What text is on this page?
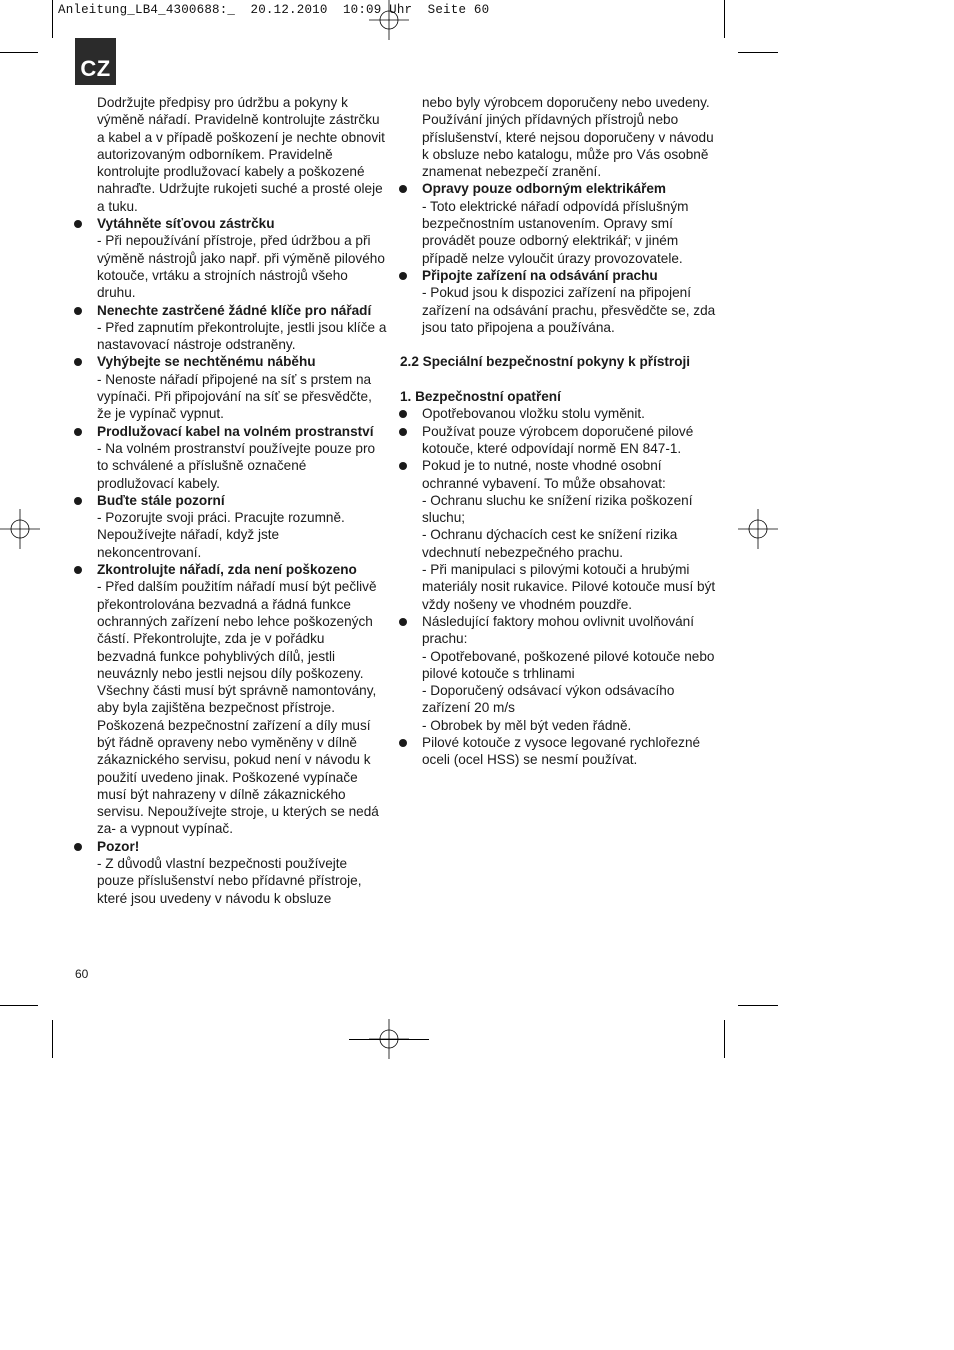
Anleitung_LB4_4300688:_  20.12.2010  10:09 Uhr  Seite 60
CZ

Dodržujte předpisy pro údržbu a pokyny k výměně nářadí. Pravidelně kontrolujte zástrčku a kabel a v případě poškození je nechte obnovit autorizovaným odborníkem. Pravidelně kontrolujte prodlužovací kabely a poškozené nahraďte. Udržujte rukojeti suché a prosté oleje a tuku.

Vytáhněte síťovou zástrčku

- Při nepoužívání přístroje, před údržbou a při výměně nástrojů jako např. při výměně pilového kotouče, vrtáku a strojních nástrojů všeho druhu.

Nenechte zastrčené žádné klíče pro nářadí

- Před zapnutím překontrolujte, jestli jsou klíče a nastavovací nástroje odstraněny.

Vyhýbejte se nechtěnému náběhu

- Nenoste nářadí připojené na síť s prstem na vypínači. Při připojování na síť se přesvědčte, že je vypínač vypnut.

Prodlužovací kabel na volném prostranství

- Na volném prostranství používejte pouze pro to schválené a příslušně označené prodlužovací kabely.

Buďte stále pozorní

- Pozorujte svoji práci. Pracujte rozumně. Nepoužívejte nářadí, když jste nekoncentrovaní.

Zkontrolujte nářadí, zda není poškozeno

- Před dalším použitím nářadí musí být pečlivě překontrolována bezvadná a řádná funkce ochranných zařízení nebo lehce poškozených částí. Překontrolujte, zda je v pořádku bezvadná funkce pohyblivých dílů, jestli neuváznly nebo jestli nejsou díly poškozeny. Všechny části musí být správně namontovány, aby byla zajištěna bezpečnost přístroje. Poškozená bezpečnostní zařízení a díly musí být řádně opraveny nebo vyměněny v dílně zákaznického servisu, pokud není v návodu k použití uvedeno jinak. Poškozené vypínače musí být nahrazeny v dílně zákaznického servisu. Nepoužívejte stroje, u kterých se nedá za- a vypnout vypínač.

Pozor!

- Z důvodů vlastní bezpečnosti používejte pouze příslušenství nebo přídavné přístroje, které jsou uvedeny v návodu k obsluze

nebo byly výrobcem doporučeny nebo uvedeny. Používání jiných přídavných přístrojů nebo příslušenství, které nejsou doporučeny v návodu k obsluze nebo katalogu, může pro Vás osobně znamenat nebezpečí zranění.

Opravy pouze odborným elektrikářem

- Toto elektrické nářadí odpovídá příslušným bezpečnostním ustanovením. Opravy smí provádět pouze odborný elektrikář; v jiném případě nelze vyloučit úrazy provozovatele.

Připojte zařízení na odsávání prachu

- Pokud jsou k dispozici zařízení na připojení zařízení na odsávání prachu, přesvědčte se, zda jsou tato připojena a používána.

2.2 Speciální bezpečnostní pokyny k přístroji

1. Bezpečnostní opatření

Opotřebovanou vložku stolu vyměnit.

Používat pouze výrobcem doporučené pilové kotouče, které odpovídají normě EN 847-1.

Pokud je to nutné, noste vhodné osobní ochranné vybavení. To může obsahovat:

- Ochranu sluchu ke snížení rizika poškození sluchu;

- Ochranu dýchacích cest ke snížení rizika vdechnutí nebezpečného prachu.

- Při manipulaci s pilovými kotouči a hrubými materiály nosit rukavice. Pilové kotouče musí být vždy nošeny ve vhodném pouzdře.

Následující faktory mohou ovlivnit uvolňování prachu:

- Opotřebované, poškozené pilové kotouče nebo pilové kotouče s trhlinami

- Doporučený odsávací výkon odsávacího zařízení 20 m/s

- Obrobek by měl být veden řádně.

Pilové kotouče z vysoce legované rychlořezné oceli (ocel HSS) se nesmí používat.

60
